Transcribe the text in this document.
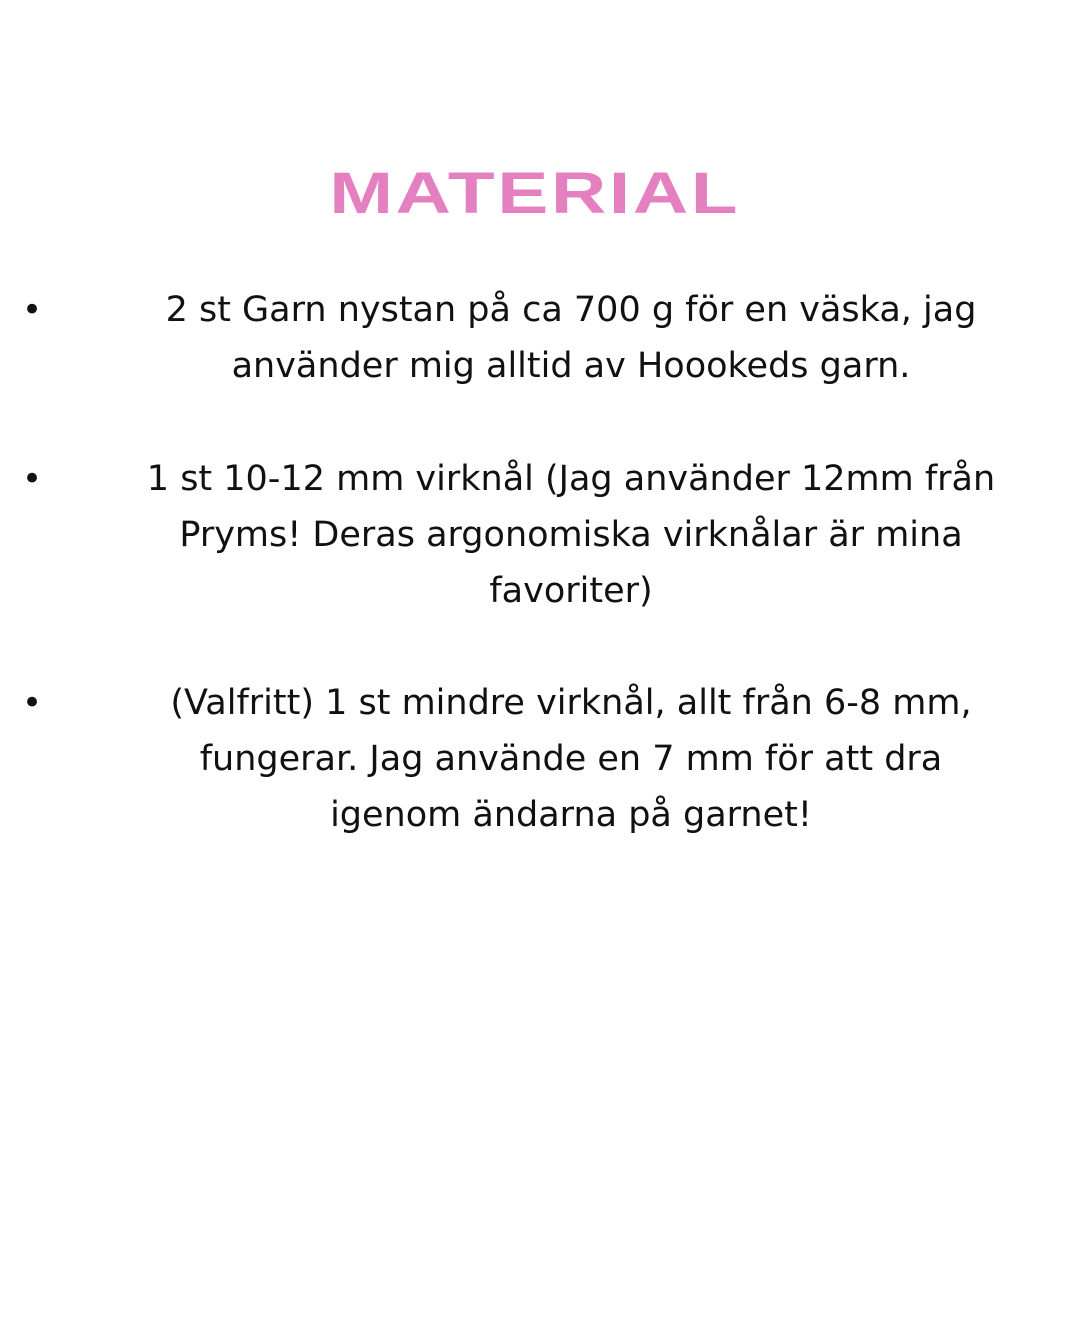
MATERIAL
•	2 st Garn nystan på ca 700 g för en väska, jag
använder mig alltid av Hoookeds garn.

•	1 st 10-12 mm virknål (Jag använder 12mm från
Pryms! Deras argonomiska virknålar är mina
favoriter)

•	(Valfritt) 1 st mindre virknål, allt från 6-8 mm,
fungerar. Jag använde en 7 mm för att dra
igenom ändarna på garnet!
